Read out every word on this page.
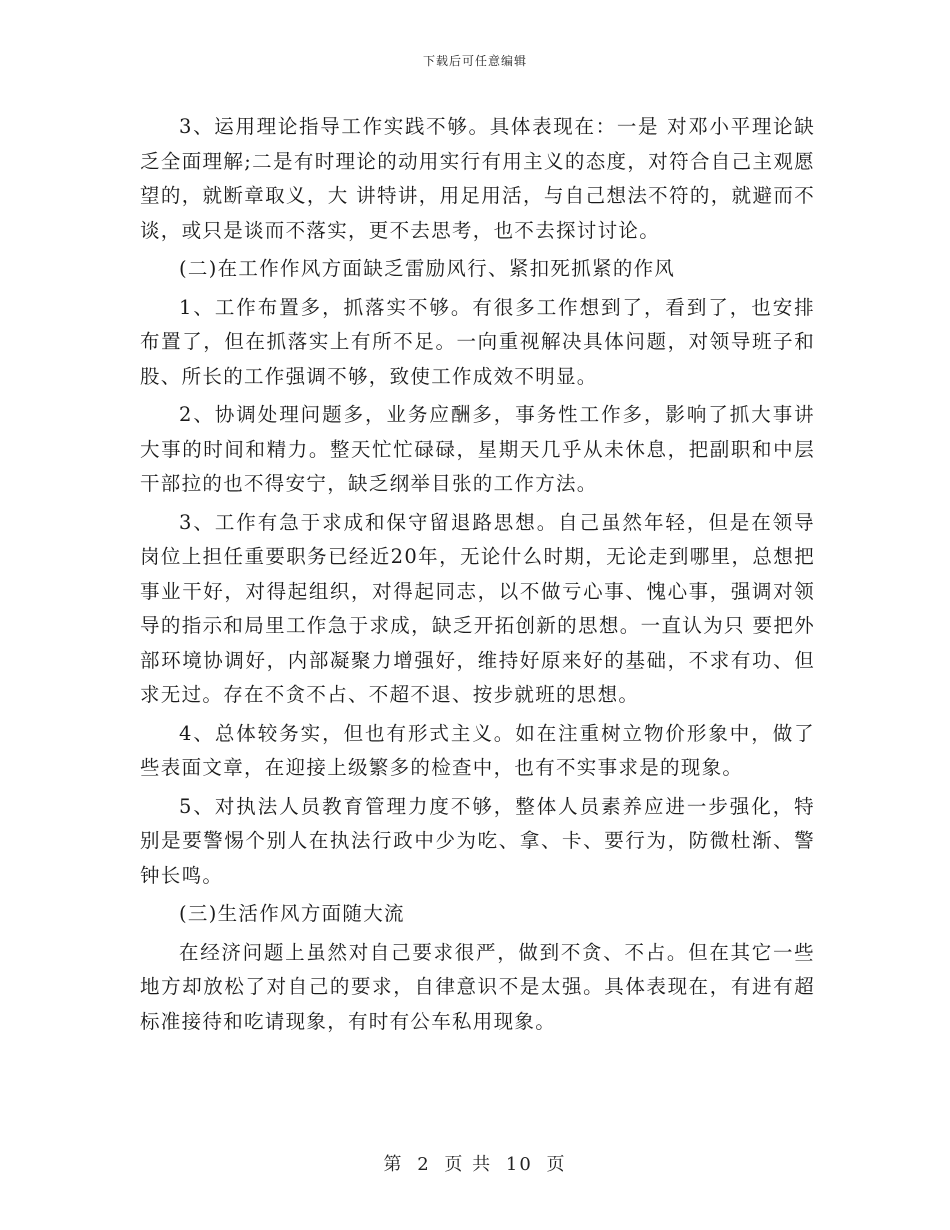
下载后可任意编辑

3、运用理论指导工作实践不够。具体表现在：一是 对邓小平理论缺乏全面理解;二是有时理论的动用实行有用主义的态度，对符合自己主观愿望的，就断章取义，大 讲特讲，用足用活，与自己想法不符的，就避而不谈，或只是谈而不落实，更不去思考，也不去探讨讨论。

(二)在工作作风方面缺乏雷励风行、紧扣死抓紧的作风

1、工作布置多，抓落实不够。有很多工作想到了，看到了，也安排布置了，但在抓落实上有所不足。一向重视解决具体问题，对领导班子和股、所长的工作强调不够，致使工作成效不明显。

2、协调处理问题多，业务应酬多，事务性工作多，影响了抓大事讲大事的时间和精力。整天忙忙碌碌，星期天几乎从未休息，把副职和中层干部拉的也不得安宁，缺乏纲举目张的工作方法。

3、工作有急于求成和保守留退路思想。自己虽然年轻，但是在领导岗位上担任重要职务已经近20年，无论什么时期，无论走到哪里，总想把事业干好，对得起组织，对得起同志，以不做亏心事、愧心事，强调对领导的指示和局里工作急于求成，缺乏开拓创新的思想。一直认为只 要把外部环境协调好，内部凝聚力增强好，维持好原来好的基础，不求有功、但求无过。存在不贪不占、不超不退、按步就班的思想。

4、总体较务实，但也有形式主义。如在注重树立物价形象中，做了些表面文章，在迎接上级繁多的检查中，也有不实事求是的现象。

5、对执法人员教育管理力度不够，整体人员素养应进一步强化，特别是要警惕个别人在执法行政中少为吃、拿、卡、要行为，防微杜渐、警钟长鸣。

(三)生活作风方面随大流

在经济问题上虽然对自己要求很严，做到不贪、不占。但在其它一些地方却放松了对自己的要求，自律意识不是太强。具体表现在，有进有超标准接待和吃请现象，有时有公车私用现象。

第 2 页 共 10 页
